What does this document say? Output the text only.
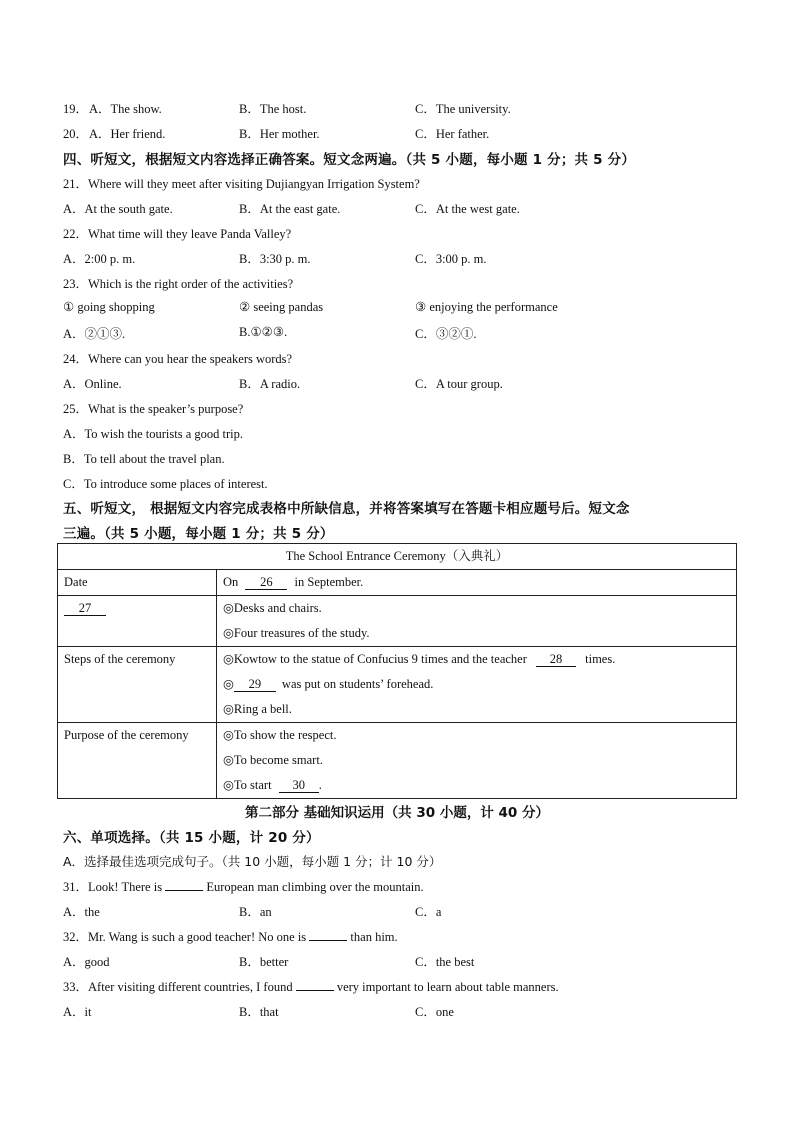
A．The show.	B．The host.	C．The university.
19．
A．Her friend.	B．Her mother.	C．Her father.
20．
四、听短文，根据短文内容选择正确答案。短文念两遍。（共 5 小题，每小题 1 分；共 5 分）
21．Where will they meet after visiting Dujiangyan Irrigation System?
A．At the south gate.	B．At the east gate.	C．At the west gate.
22．What time will they leave Panda Valley?
A．2:00 p. m.	B．3:30 p. m.	C．3:00 p. m.
23．Which is the right order of the activities?
① going shopping	② seeing pandas	③ enjoying the performance
A．②①③.	B.①②③.	C．③②①.
24．Where can you hear the speakers words?
A．Online.	B．A radio.	C．A tour group.
25．What is the speaker’s purpose?
A．To wish the tourists a good trip.
B．To tell about the travel plan.
C．To introduce some places of interest.
五、听短文， 根据短文内容完成表格中所缺信息，并将答案填写在答题卡相应题号后。短文念
三遍。（共 5 小题，每小题 1 分；共 5 分）
The School Entrance Ceremony（入典礼）	

Date	On 26 in September.

27	◎Desks and chairs.
◎Four treasures of the study.

Steps of the ceremony	◎Kowtow to the statue of Confucius 9 times and the teacher 28 times.
◎ 29 was put on students’ forehead.
◎Ring a bell.

Purpose of the ceremony	◎To show the respect.
◎To become smart.
◎To start 30 .
第二部分 基础知识运用（共 30 小题，计 40 分）
六、单项选择。（共 15 小题，计 20 分）
A．选择最佳选项完成句子。（共 10 小题，每小题 1 分；计 10 分）
31．Look! There is	European man climbing over the mountain.
A．the	B．an	C．a
32．Mr. Wang is such a good teacher! No one is	than him.
A．good	B．better	C．the best
33．After visiting different countries, I found	very important to learn about table manners.
A．it	B．that	C．one
